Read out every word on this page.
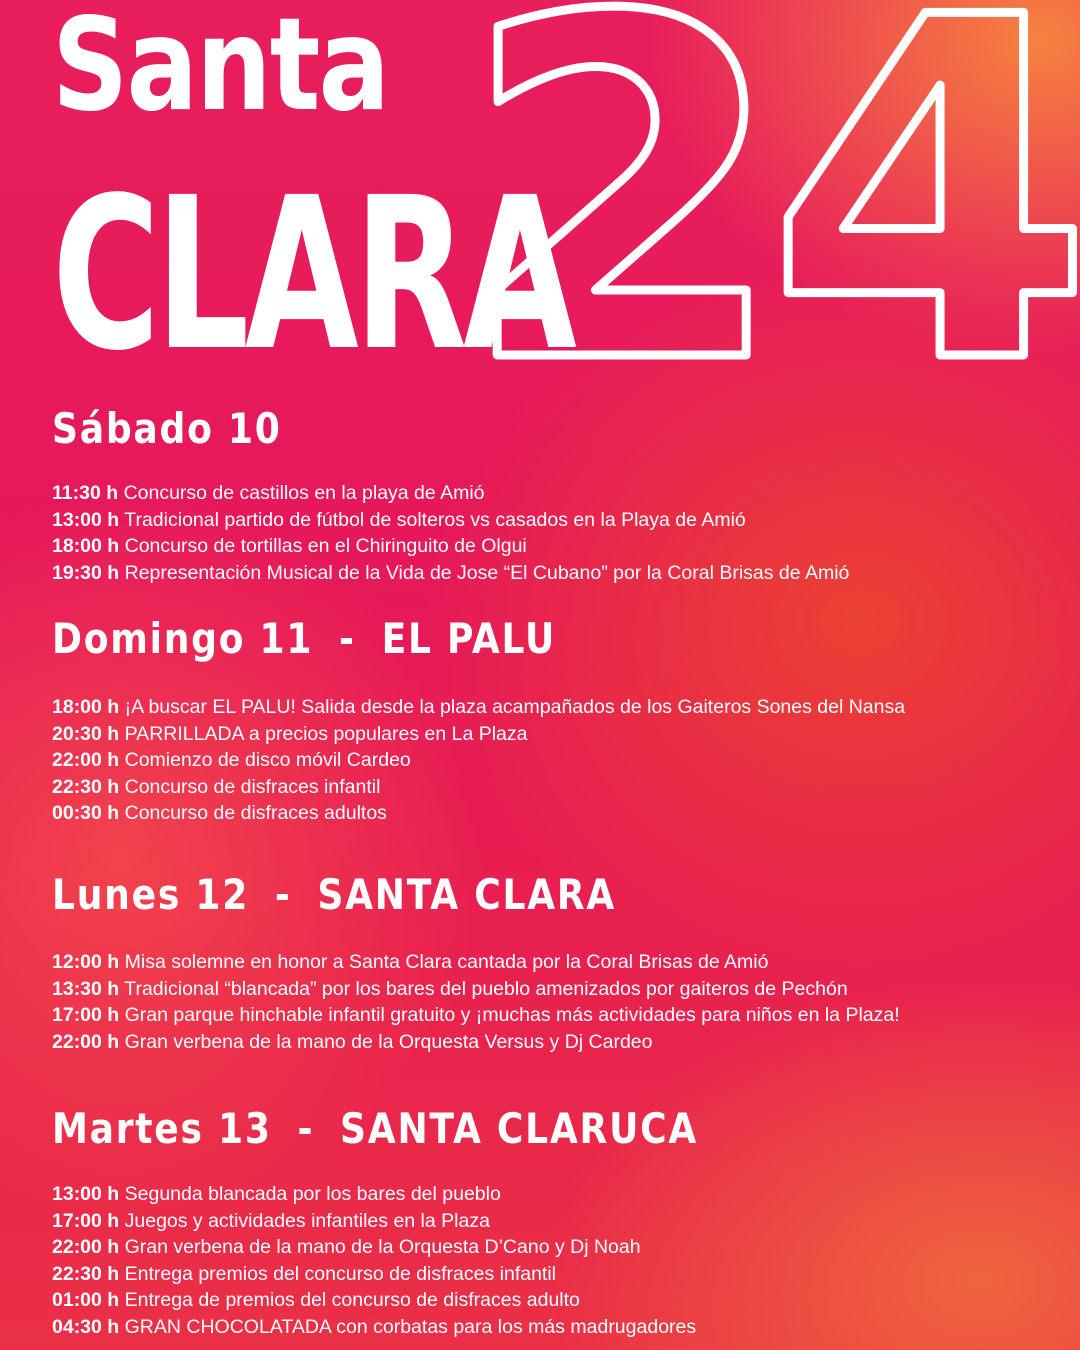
Santa
CLARA
24
Sábado 10
11:30 h Concurso de castillos en la playa de Amió
13:00 h Tradicional partido de fútbol de solteros vs casados en la Playa de Amió
18:00 h Concurso de tortillas en el Chiringuito de Olgui
19:30 h Representación Musical de la Vida de Jose “El Cubano” por la Coral Brisas de Amió
Domingo 11 - EL PALU
18:00 h ¡A buscar EL PALU! Salida desde la plaza acampañados de los Gaiteros Sones del Nansa
20:30 h PARRILLADA a precios populares en La Plaza
22:00 h Comienzo de disco móvil Cardeo
22:30 h Concurso de disfraces infantil
00:30 h Concurso de disfraces adultos
Lunes 12 - SANTA CLARA
12:00 h Misa solemne en honor a Santa Clara cantada por la Coral Brisas de Amió
13:30 h Tradicional “blancada” por los bares del pueblo amenizados por gaiteros de Pechón
17:00 h Gran parque hinchable infantil gratuito y ¡muchas más actividades para niños en la Plaza!
22:00 h Gran verbena de la mano de la Orquesta Versus y Dj Cardeo
Martes 13 - SANTA CLARUCA
13:00 h Segunda blancada por los bares del pueblo
17:00 h Juegos y actividades infantiles en la Plaza
22:00 h Gran verbena de la mano de la Orquesta D’Cano y Dj Noah
22:30 h Entrega premios del concurso de disfraces infantil
01:00 h Entrega de premios del concurso de disfraces adulto
04:30 h GRAN CHOCOLATADA con corbatas para los más madrugadores
